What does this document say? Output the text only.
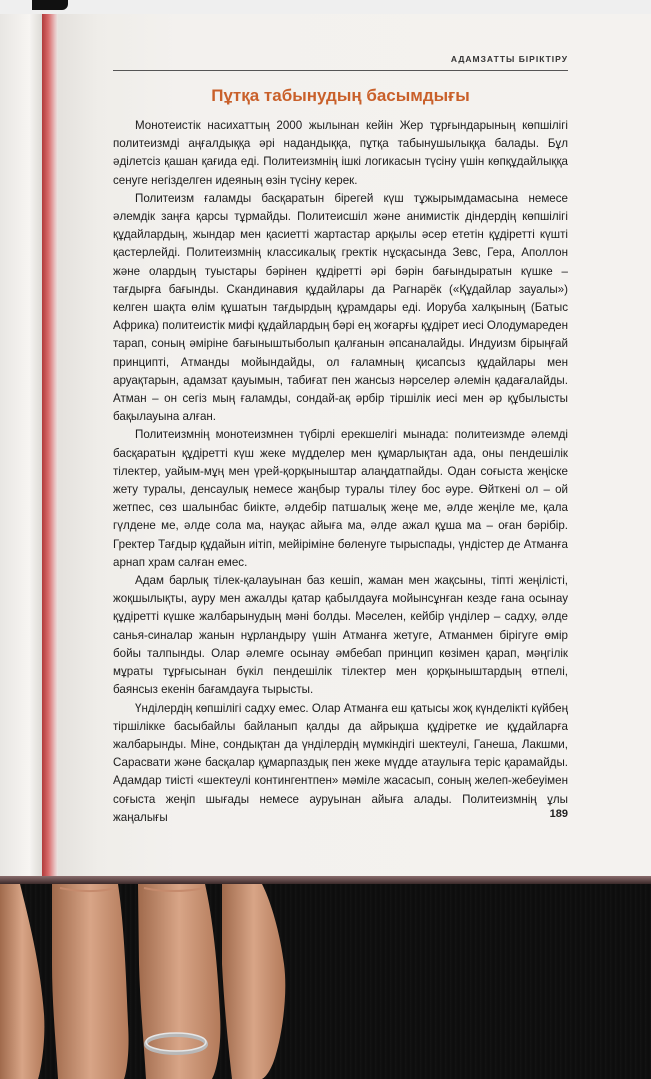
АДАМЗАТТЫ БІРІКТІРУ
Пұтқа табынудың басымдығы

Монотеистік насихаттың 2000 жылынан кейін Жер тұрғындарының көпшілігі политеизмді аңғалдыққа әрі надандыққа, пұтқа табынушылыққа балады. Бұл әділетсіз қашан қағида еді. Политеизмнің ішкі логикасын түсіну үшін көпқұдайлыққа сенуге негізделген идеяның өзін түсіну керек.

Политеизм ғаламды басқаратын бірегей күш тұжырымдамасына немесе әлемдік заңға қарсы тұрмайды. Политеисшіл және анимистік діндердің көпшілігі құдайлардың, жындар мен қасиетті жартастар арқылы әсер ететін құдіретті күшті қастерлейді. Политеизмнің классикалық гректік нұсқасында Зевс, Гера, Аполлон және олардың туыстары бәрінен құдіретті әрі бәрін бағындыратын күшке – тағдырға бағынды. Скандинавия құдайлары да Рагнарёк («Құдайлар зауалы») келген шақта өлім құшатын тағдырдың құрамдары еді. Иоруба халқының (Батыс Африка) политеистік мифі құдайлардың бәрі ең жоғарғы құдірет иесі Олодумаредeн тарап, соның әміріне бағыныштыболып қалғанын әпсаналайды. Индуизм бірыңғай принципті, Атманды мойындайды, ол ғаламның қисапсыз құдайлары мен аруақтарын, адамзат қауымын, табиғат пен жансыз нәрселер әлемін қадағалайды. Атман – он сегіз мың ғаламды, сондай-ақ әрбір тіршілік иесі мен әр құбылысты бақылауына алған.

Политеизмнің монотеизмнен түбірлі ерекшелігі мынада: политеизмде әлемді басқаратын құдіретті күш жеке мүдделер мен құмарлықтан ада, оны пендешілік тілектер, уайым-мұң мен үрей-қорқыныштар алаңдатпайды. Одан соғыста жеңіске жету туралы, денсаулық немесе жаңбыр туралы тілеу бос әуре. Өйткені ол – ой жетпес, сөз шалынбас биікте, әлдебір патшалық жеңе ме, әлде жеңіле ме, қала гүлдене ме, әлде сола ма, науқас айыға ма, әлде ажал құша ма – оған бәрібір. Гректер Тағдыр құдайын иітіп, мейіріміне бөленуге тырыспады, үндістер де Атманға арнап храм салған емес.

Адам барлық тілек-қалауынан баз кешіп, жаман мен жақсыны, тіпті жеңілісті, жоқшылықты, ауру мен ажалды қатар қабылдауға мойынсұнған кезде ғана осынау құдіретті күшке жалбарынудың мәні болды. Мәселен, кейбір үнділер – садху, әлде санья-синалар жанын нұрландыру үшін Атманға жетуге, Атманмен бірігуге өмір бойы талпынды. Олар әлемге осынау әмбебап принцип көзімен қарап, мәңгілік мұраты тұрғысынан бүкіл пендешілік тілектер мен қорқыныштардың өтпелі, баянсыз екенін бағамдауға тырысты.

Үнділердің көпшілігі садху емес. Олар Атманға еш қатысы жоқ күнделікті күйбең тіршілікке басыбайлы байланып қалды да айрықша құдіретке ие құдайларға жалбарынды. Міне, сондықтан да үнділердің мүмкіндігі шектеулі, Ганеша, Лакшми, Сарасвати және басқалар құмарпаздық пен жеке мүдде атаулыға теріс қарамайды. Адамдар тиісті «шектеулі контингентпен» мәміле жасасып, соның желеп-жебеуімен соғыста жеңіп шығады немесе ауруынан айыға алады. Политеизмнің ұлы жаңалығы	189
